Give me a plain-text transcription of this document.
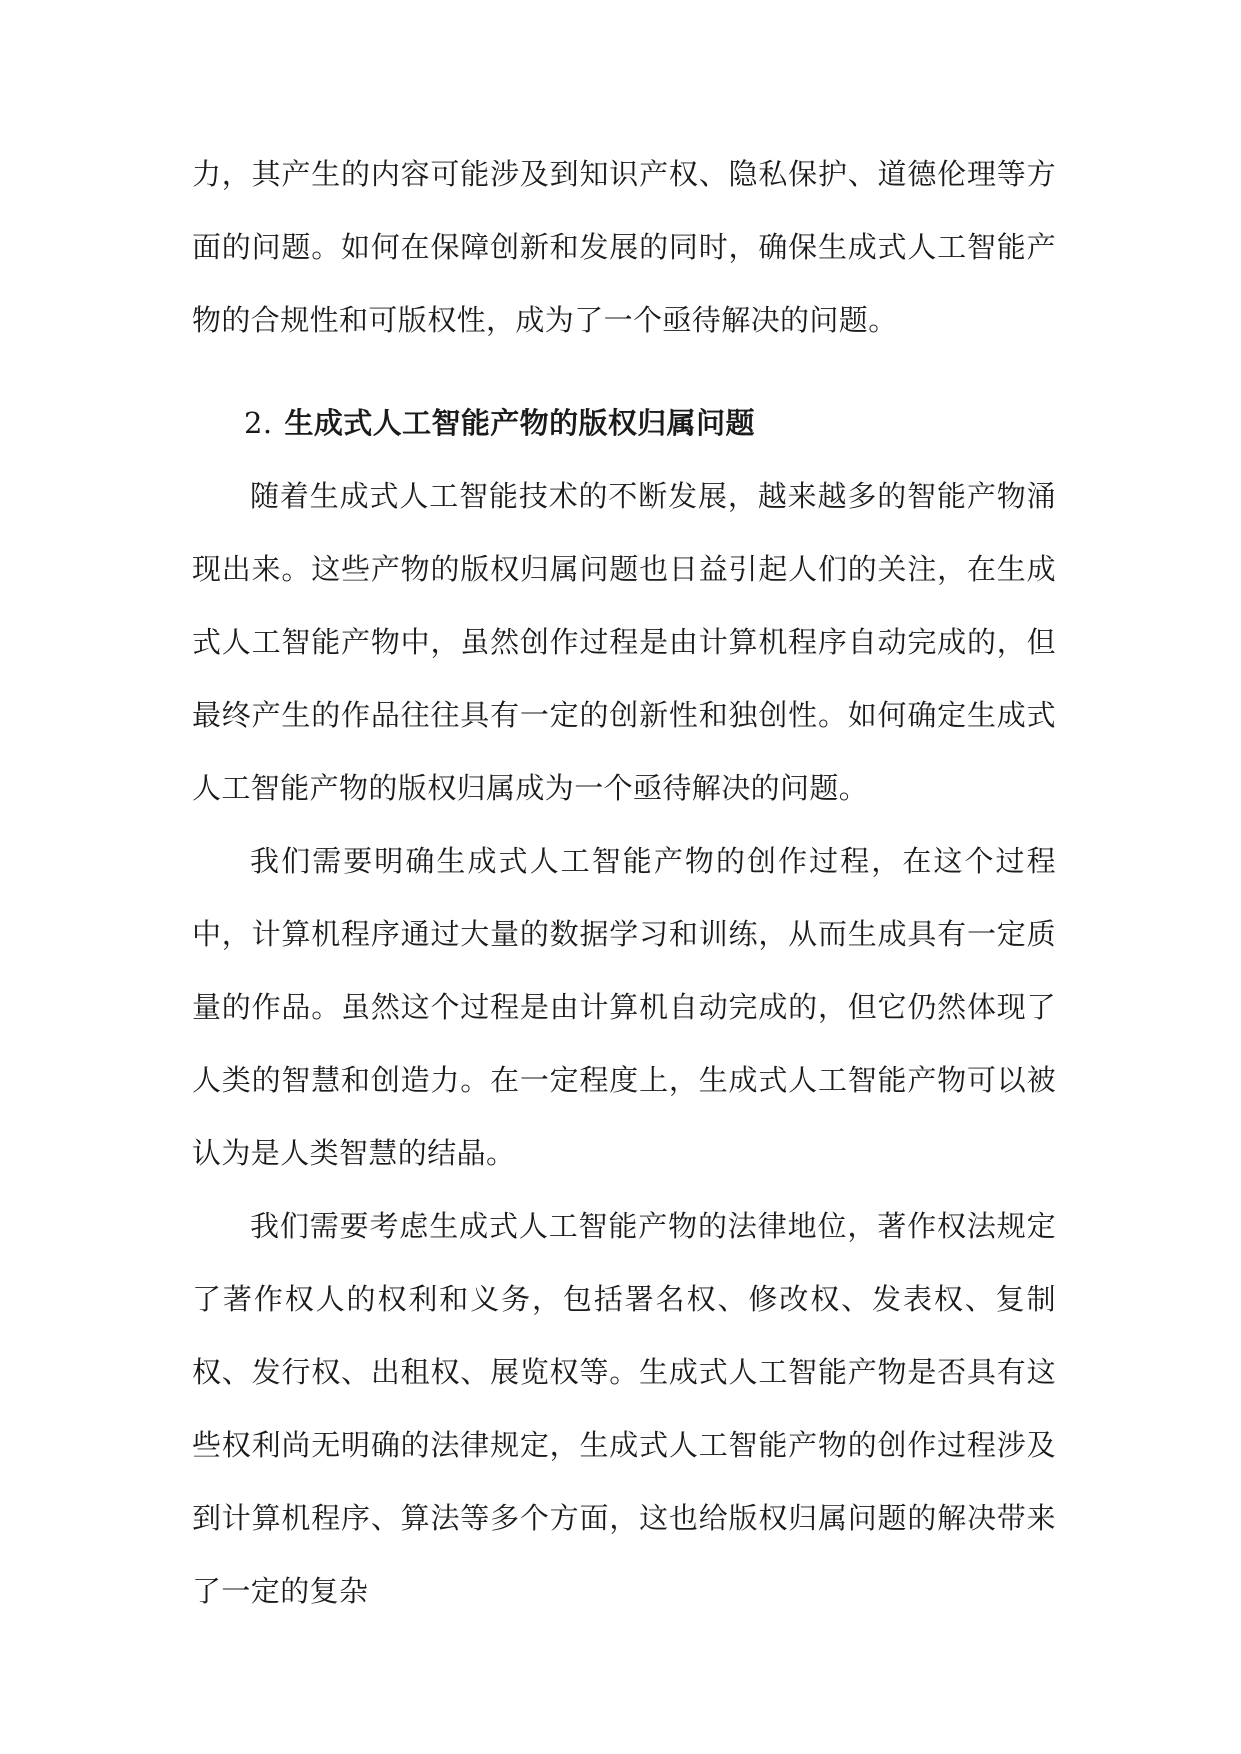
力，其产生的内容可能涉及到知识产权、隐私保护、道德伦理等方面的问题。如何在保障创新和发展的同时，确保生成式人工智能产物的合规性和可版权性，成为了一个亟待解决的问题。

2. 生成式人工智能产物的版权归属问题

随着生成式人工智能技术的不断发展，越来越多的智能产物涌现出来。这些产物的版权归属问题也日益引起人们的关注，在生成式人工智能产物中，虽然创作过程是由计算机程序自动完成的，但最终产生的作品往往具有一定的创新性和独创性。如何确定生成式人工智能产物的版权归属成为一个亟待解决的问题。

我们需要明确生成式人工智能产物的创作过程，在这个过程中，计算机程序通过大量的数据学习和训练，从而生成具有一定质量的作品。虽然这个过程是由计算机自动完成的，但它仍然体现了人类的智慧和创造力。在一定程度上，生成式人工智能产物可以被认为是人类智慧的结晶。

我们需要考虑生成式人工智能产物的法律地位，著作权法规定了著作权人的权利和义务，包括署名权、修改权、发表权、复制权、发行权、出租权、展览权等。生成式人工智能产物是否具有这些权利尚无明确的法律规定，生成式人工智能产物的创作过程涉及到计算机程序、算法等多个方面，这也给版权归属问题的解决带来了一定的复杂
